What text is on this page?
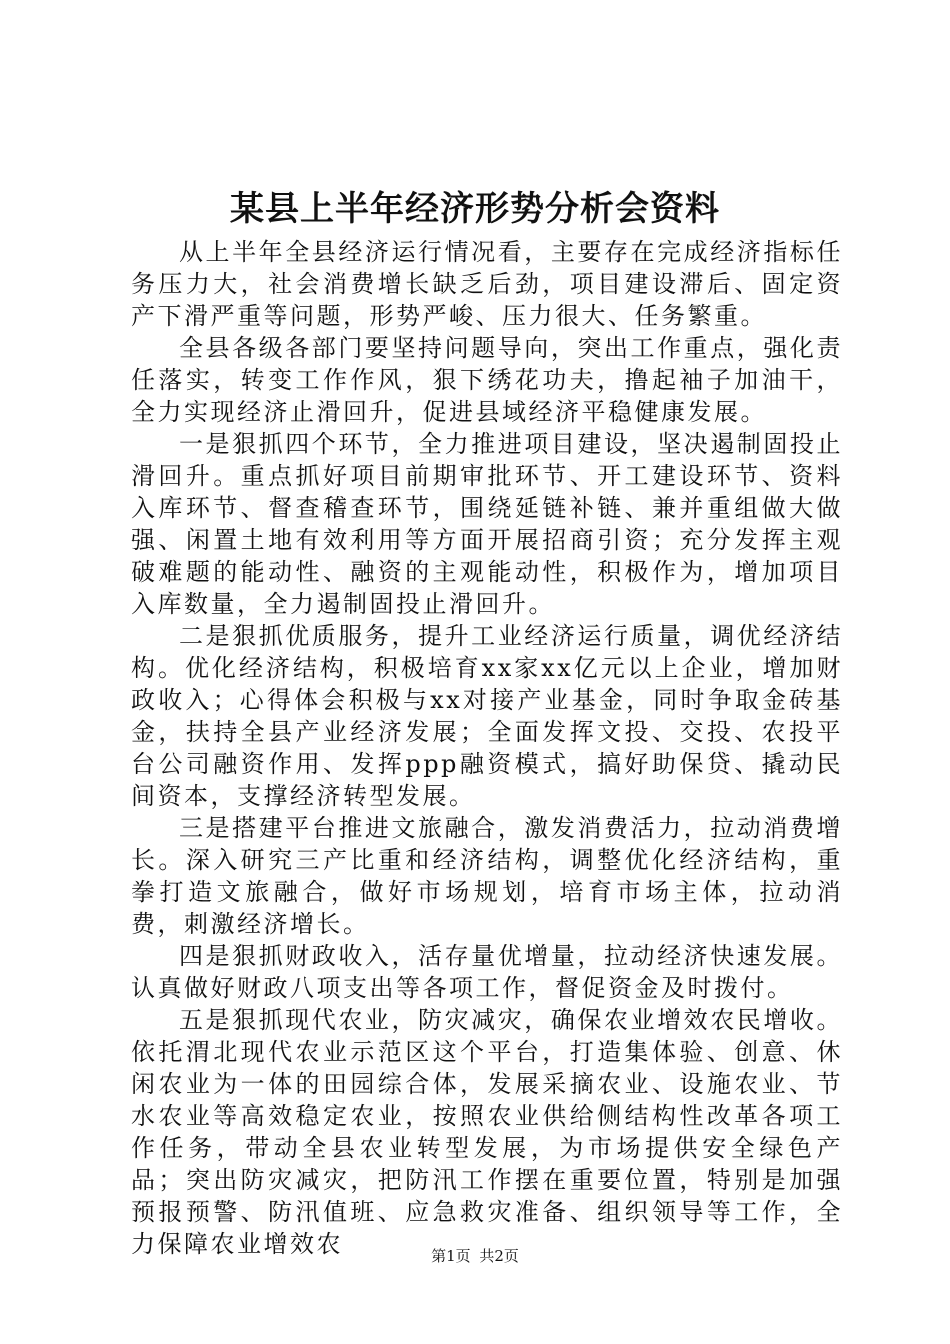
某县上半年经济形势分析会资料

从上半年全县经济运行情况看，主要存在完成经济指标任务压力大，社会消费增长缺乏后劲，项目建设滞后、固定资产下滑严重等问题，形势严峻、压力很大、任务繁重。

全县各级各部门要坚持问题导向，突出工作重点，强化责任落实，转变工作作风，狠下绣花功夫，撸起袖子加油干，全力实现经济止滑回升，促进县域经济平稳健康发展。

一是狠抓四个环节，全力推进项目建设，坚决遏制固投止滑回升。重点抓好项目前期审批环节、开工建设环节、资料入库环节、督查稽查环节，围绕延链补链、兼并重组做大做强、闲置土地有效利用等方面开展招商引资；充分发挥主观破难题的能动性、融资的主观能动性，积极作为，增加项目入库数量，全力遏制固投止滑回升。

二是狠抓优质服务，提升工业经济运行质量，调优经济结构。优化经济结构，积极培育xx家xx亿元以上企业，增加财政收入；心得体会积极与xx对接产业基金，同时争取金砖基金，扶持全县产业经济发展；全面发挥文投、交投、农投平台公司融资作用、发挥ppp融资模式，搞好助保贷、撬动民间资本，支撑经济转型发展。

三是搭建平台推进文旅融合，激发消费活力，拉动消费增长。深入研究三产比重和经济结构，调整优化经济结构，重拳打造文旅融合，做好市场规划，培育市场主体，拉动消费，刺激经济增长。

四是狠抓财政收入，活存量优增量，拉动经济快速发展。认真做好财政八项支出等各项工作，督促资金及时拨付。

五是狠抓现代农业，防灾减灾，确保农业增效农民增收。依托渭北现代农业示范区这个平台，打造集体验、创意、休闲农业为一体的田园综合体，发展采摘农业、设施农业、节水农业等高效稳定农业，按照农业供给侧结构性改革各项工作任务，带动全县农业转型发展，为市场提供安全绿色产品；突出防灾减灾，把防汛工作摆在重要位置，特别是加强预报预警、防汛值班、应急救灾准备、组织领导等工作，全力保障农业增效农	第1页 共2页
